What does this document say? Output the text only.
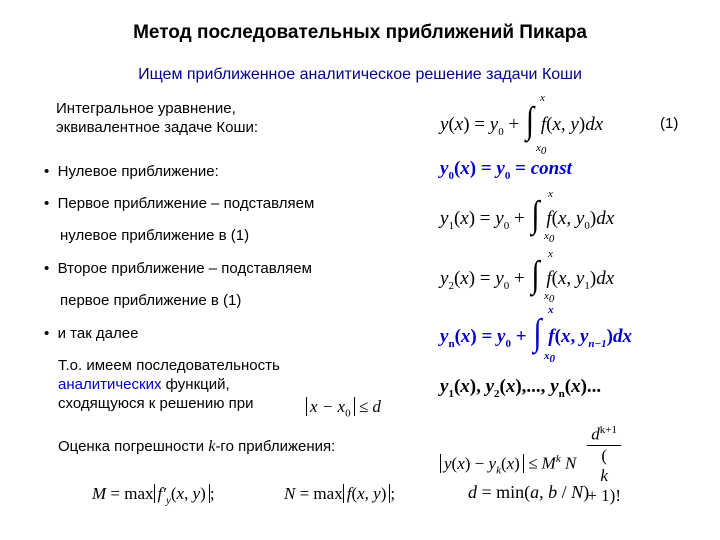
Метод последовательных приближений Пикара
Ищем приближенное аналитическое решение задачи Коши
Интегральное уравнение,
эквивалентное задаче Коши:	(1)
$y(x) = y_0$ + ∫ f(x, y)dx
x
$x_0$
• Нулевое приближение:	$y_0(x) = y_0$ = const
• Первое приближение – подставляем
нулевое приближение в (1)
$y_1(x) = y_0$ + ∫ f(x, $y_0)dx$
x
$x_0$
• Второе приближение – подставляем
первое приближение в (1)
$y_2(x) = y_0$ + ∫ f(x, $y_1)dx$
x
$x_0$
• и так далее	$y_n(x) = y_0$ + ∫ f(x, $y_{n-1})dx$
x
$x_0$
Т.о. имеем последовательность
аналитических функций,
сходящуюся к решению при	$x - x_0 \le d$
$y_1(x)$, $y_2(x)$,..., $y_n(x)$...
Оценка погрешности k-го приближения:
$y(x) - y_k(x) \le M^k$ N $d^{k+1}$
(
k
+ 1)!
$M = \max f'_y(x$, y) ;	N = max f(x, y) ;	d = min(a, b / N)
